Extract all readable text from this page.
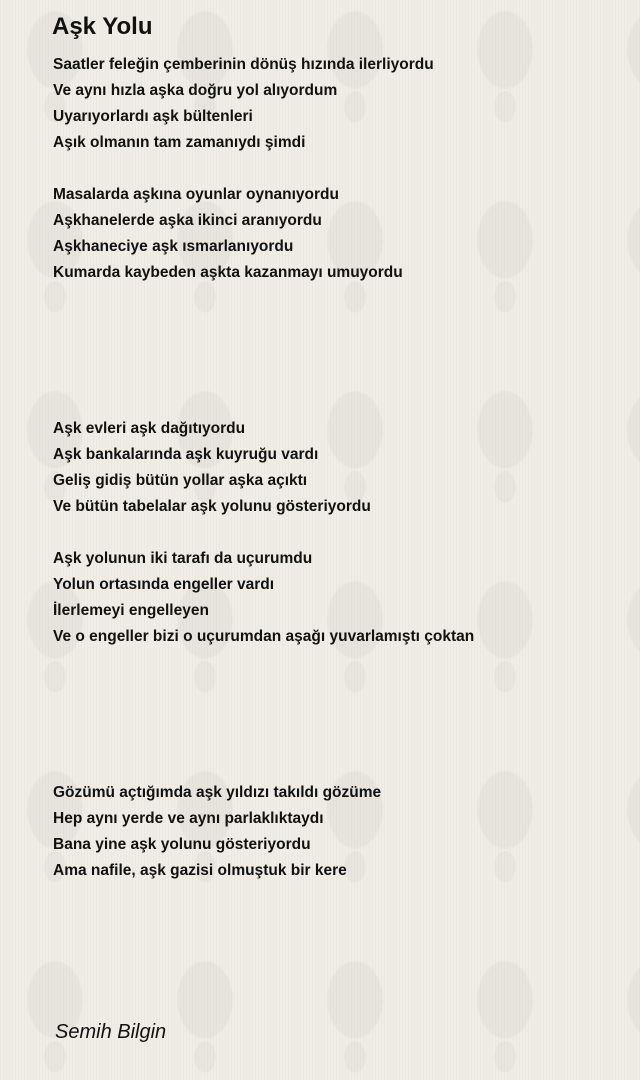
Aşk Yolu
Saatler feleğin çemberinin dönüş hızında ilerliyordu
Ve aynı hızla aşka doğru yol alıyordum
Uyarıyorlardı aşk bültenleri
Aşık olmanın tam zamanıydı şimdi
Masalarda aşkına oyunlar oynanıyordu
Aşkhanelerde aşka ikinci aranıyordu
Aşkhaneciye aşk ısmarlanıyordu
Kumarda kaybeden aşkta kazanmayı umuyordu
Aşk evleri aşk dağıtıyordu
Aşk bankalarında aşk kuyruğu vardı
Geliş gidiş bütün yollar aşka açıktı
Ve bütün tabelalar aşk yolunu gösteriyordu
Aşk yolunun iki tarafı da uçurumdu
Yolun ortasında engeller vardı
İlerlemeyi engelleyen
Ve o engeller bizi o uçurumdan aşağı yuvarlamıştı çoktan
Gözümü açtığımda aşk yıldızı takıldı gözüme
Hep aynı yerde ve aynı parlaklıktaydı
Bana yine aşk yolunu gösteriyordu
Ama nafile, aşk gazisi olmuştuk bir kere
Semih Bilgin
